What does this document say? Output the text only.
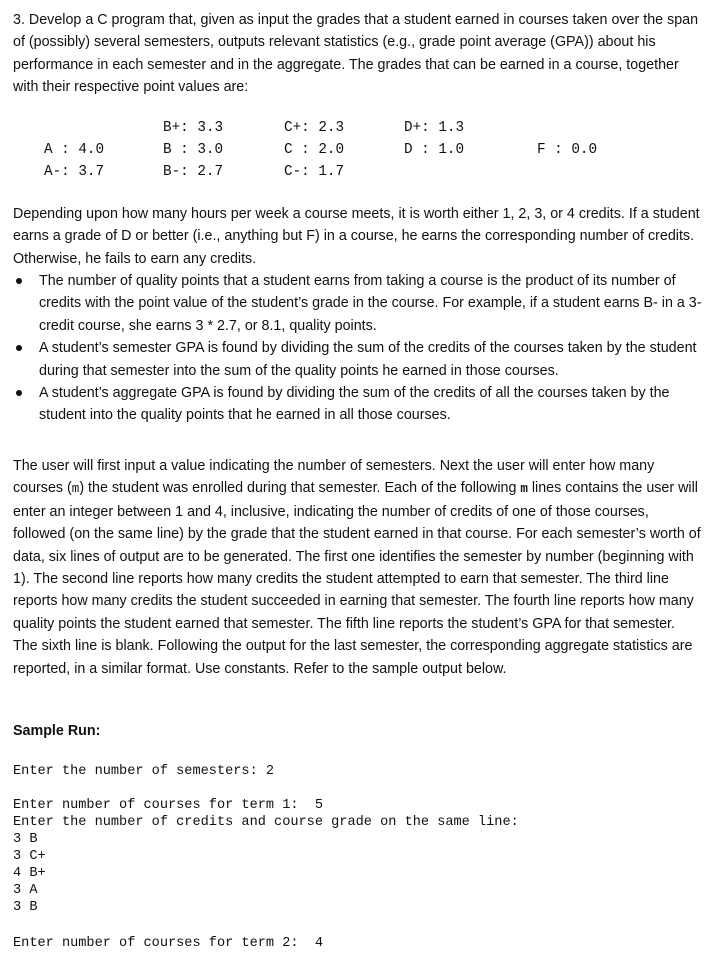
3. Develop a C program that, given as input the grades that a student earned in courses taken over the span of (possibly) several semesters, outputs relevant statistics (e.g., grade point average (GPA)) about his performance in each semester and in the aggregate. The grades that can be earned in a course, together with their respective point values are:

A : 4.0
A-: 3.7
B+: 3.3
B : 3.0
B-: 2.7
C+: 2.3
C : 2.0
C-: 1.7
D+: 1.3
D : 1.0	F : 0.0

Depending upon how many hours per week a course meets, it is worth either 1, 2, 3, or 4 credits. If a student earns a grade of D or better (i.e., anything but F) in a course, he earns the corresponding number of credits. Otherwise, he fails to earn any credits.

The number of quality points that a student earns from taking a course is the product of its number of credits with the point value of the student’s grade in the course. For example, if a student earns B- in a 3-credit course, she earns 3 * 2.7, or 8.1, quality points.
A student’s semester GPA is found by dividing the sum of the credits of the courses taken by the student during that semester into the sum of the quality points he earned in those courses.
A student’s aggregate GPA is found by dividing the sum of the credits of all the courses taken by the student into the quality points that he earned in all those courses.

The user will first input a value indicating the number of semesters. Next the user will enter how many courses (m) the student was enrolled during that semester. Each of the following m lines contains the user will enter an integer between 1 and 4, inclusive, indicating the number of credits of one of those courses, followed (on the same line) by the grade that the student earned in that course. For each semester’s worth of data, six lines of output are to be generated. The first one identifies the semester by number (beginning with 1). The second line reports how many credits the student attempted to earn that semester. The third line reports how many credits the student succeeded in earning that semester. The fourth line reports how many quality points the student earned that semester. The fifth line reports the student’s GPA for that semester. The sixth line is blank. Following the output for the last semester, the corresponding aggregate statistics are reported, in a similar format. Use constants. Refer to the sample output below.

Sample Run:
Enter the number of semesters: 2
Enter number of courses for term 1:  5
Enter the number of credits and course grade on the same line:
3 B
3 C+
4 B+
3 A
3 B
Enter number of courses for term 2:  4
